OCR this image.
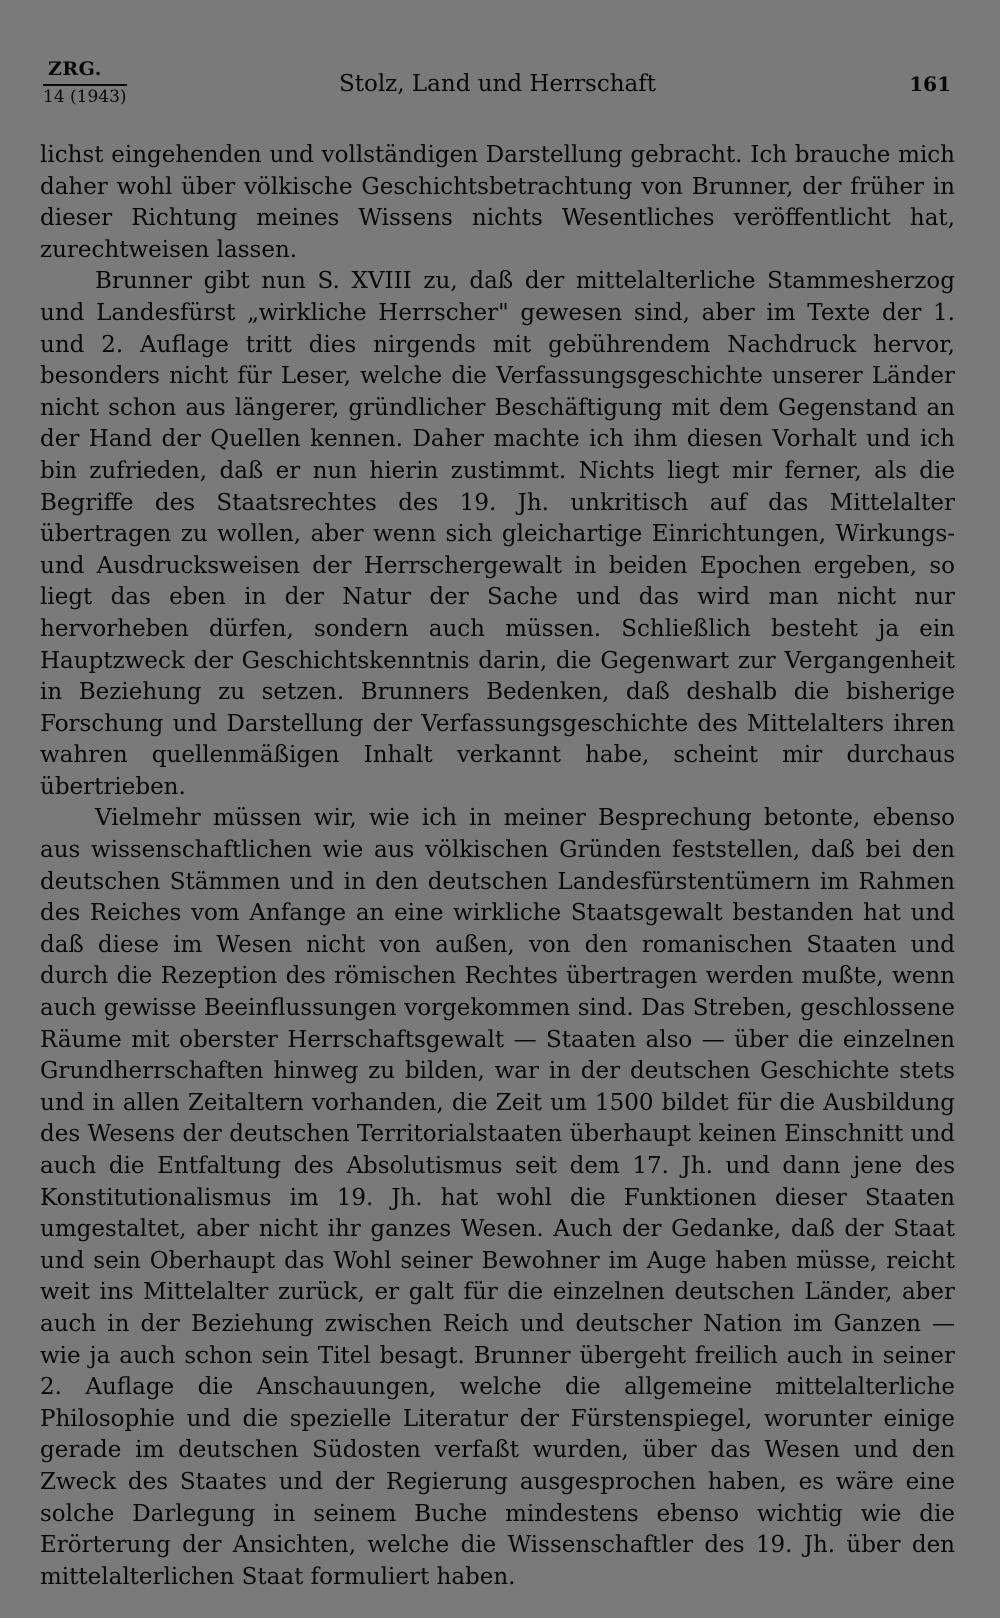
ZRG.
14 (1943)	Stolz, Land und Herrschaft	161

lichst eingehenden und vollständigen Darstellung gebracht. Ich brauche mich daher wohl über völkische Geschichtsbetrachtung von Brunner, der früher in dieser Richtung meines Wissens nichts Wesentliches veröffentlicht hat, zurechtweisen lassen.

Brunner gibt nun S. XVIII zu, daß der mittelalterliche Stammesherzog und Landesfürst „wirkliche Herrscher" gewesen sind, aber im Texte der 1. und 2. Auflage tritt dies nirgends mit gebührendem Nachdruck hervor, besonders nicht für Leser, welche die Verfassungsgeschichte unserer Länder nicht schon aus längerer, gründlicher Beschäftigung mit dem Gegenstand an der Hand der Quellen kennen. Daher machte ich ihm diesen Vorhalt und ich bin zufrieden, daß er nun hierin zustimmt. Nichts liegt mir ferner, als die Begriffe des Staatsrechtes des 19. Jh. unkritisch auf das Mittelalter übertragen zu wollen, aber wenn sich gleichartige Einrichtungen, Wirkungs- und Ausdrucksweisen der Herrschergewalt in beiden Epochen ergeben, so liegt das eben in der Natur der Sache und das wird man nicht nur hervorheben dürfen, sondern auch müssen. Schließlich besteht ja ein Hauptzweck der Geschichtskenntnis darin, die Gegenwart zur Vergangenheit in Beziehung zu setzen. Brunners Bedenken, daß deshalb die bisherige Forschung und Darstellung der Verfassungsgeschichte des Mittelalters ihren wahren quellenmäßigen Inhalt verkannt habe, scheint mir durchaus übertrieben.

Vielmehr müssen wir, wie ich in meiner Besprechung betonte, ebenso aus wissenschaftlichen wie aus völkischen Gründen feststellen, daß bei den deutschen Stämmen und in den deutschen Landesfürstentümern im Rahmen des Reiches vom Anfange an eine wirkliche Staatsgewalt bestanden hat und daß diese im Wesen nicht von außen, von den romanischen Staaten und durch die Rezeption des römischen Rechtes übertragen werden mußte, wenn auch gewisse Beeinflussungen vorgekommen sind. Das Streben, geschlossene Räume mit oberster Herrschaftsgewalt — Staaten also — über die einzelnen Grundherrschaften hinweg zu bilden, war in der deutschen Geschichte stets und in allen Zeitaltern vorhanden, die Zeit um 1500 bildet für die Ausbildung des Wesens der deutschen Territorialstaaten überhaupt keinen Einschnitt und auch die Entfaltung des Absolutismus seit dem 17. Jh. und dann jene des Konstitutionalismus im 19. Jh. hat wohl die Funktionen dieser Staaten umgestaltet, aber nicht ihr ganzes Wesen. Auch der Gedanke, daß der Staat und sein Oberhaupt das Wohl seiner Bewohner im Auge haben müsse, reicht weit ins Mittelalter zurück, er galt für die einzelnen deutschen Länder, aber auch in der Beziehung zwischen Reich und deutscher Nation im Ganzen — wie ja auch schon sein Titel besagt. Brunner übergeht freilich auch in seiner 2. Auflage die Anschauungen, welche die allgemeine mittelalterliche Philosophie und die spezielle Literatur der Fürstenspiegel, worunter einige gerade im deutschen Südosten verfaßt wurden, über das Wesen und den Zweck des Staates und der Regierung ausgesprochen haben, es wäre eine solche Darlegung in seinem Buche mindestens ebenso wichtig wie die Erörterung der Ansichten, welche die Wissenschaftler des 19. Jh. über den mittelalterlichen Staat formuliert haben.
